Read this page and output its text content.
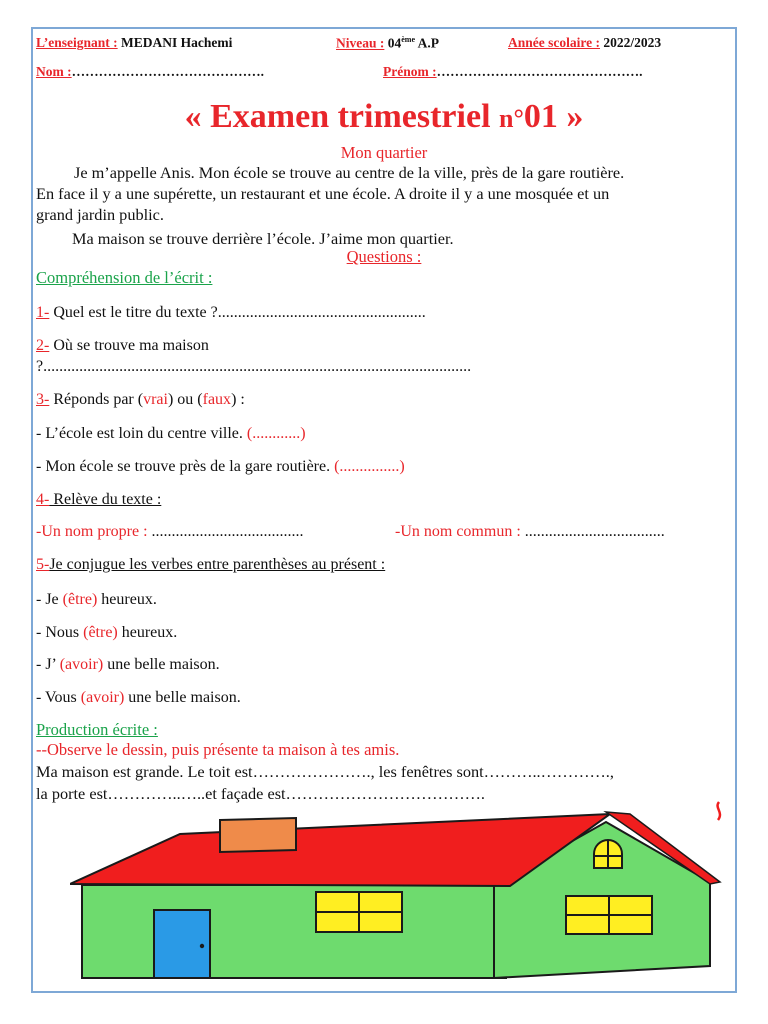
L’enseignant : MEDANI Hachemi	Niveau : 04ème A.P	Année scolaire : 2022/2023
Nom :…………………………………….	Prénom :……………………………………….
« Examen trimestriel n°01 »
Mon quartier
Je m’appelle Anis. Mon école se trouve au centre de la ville, près de la gare routière.
En face il y a une supérette, un restaurant et une école. A droite il y a une mosquée et un
grand jardin public.
Ma maison se trouve derrière l’école. J’aime mon quartier.
Questions :
Compréhension de l’écrit :
1- Quel est le titre du texte ?....................................................
2- Où se trouve ma maison
?...........................................................................................................
3- Réponds par (vrai) ou (faux) :
- L’école est loin du centre ville. (............)
- Mon école se trouve près de la gare routière. (...............)
4- Relève du texte :
-Un nom propre : ......................................	-Un nom commun : ...................................
5-Je conjugue les verbes entre parenthèses au présent :
- Je (être) heureux.
- Nous (être) heureux.
- J’ (avoir) une belle maison.
- Vous (avoir) une belle maison.
Production écrite :
--Observe le dessin, puis présente ta maison à tes amis.
Ma maison est grande. Le toit est…………………., les fenêtres sont………..………….,
la porte est…………..…..et façade est……………………………….
